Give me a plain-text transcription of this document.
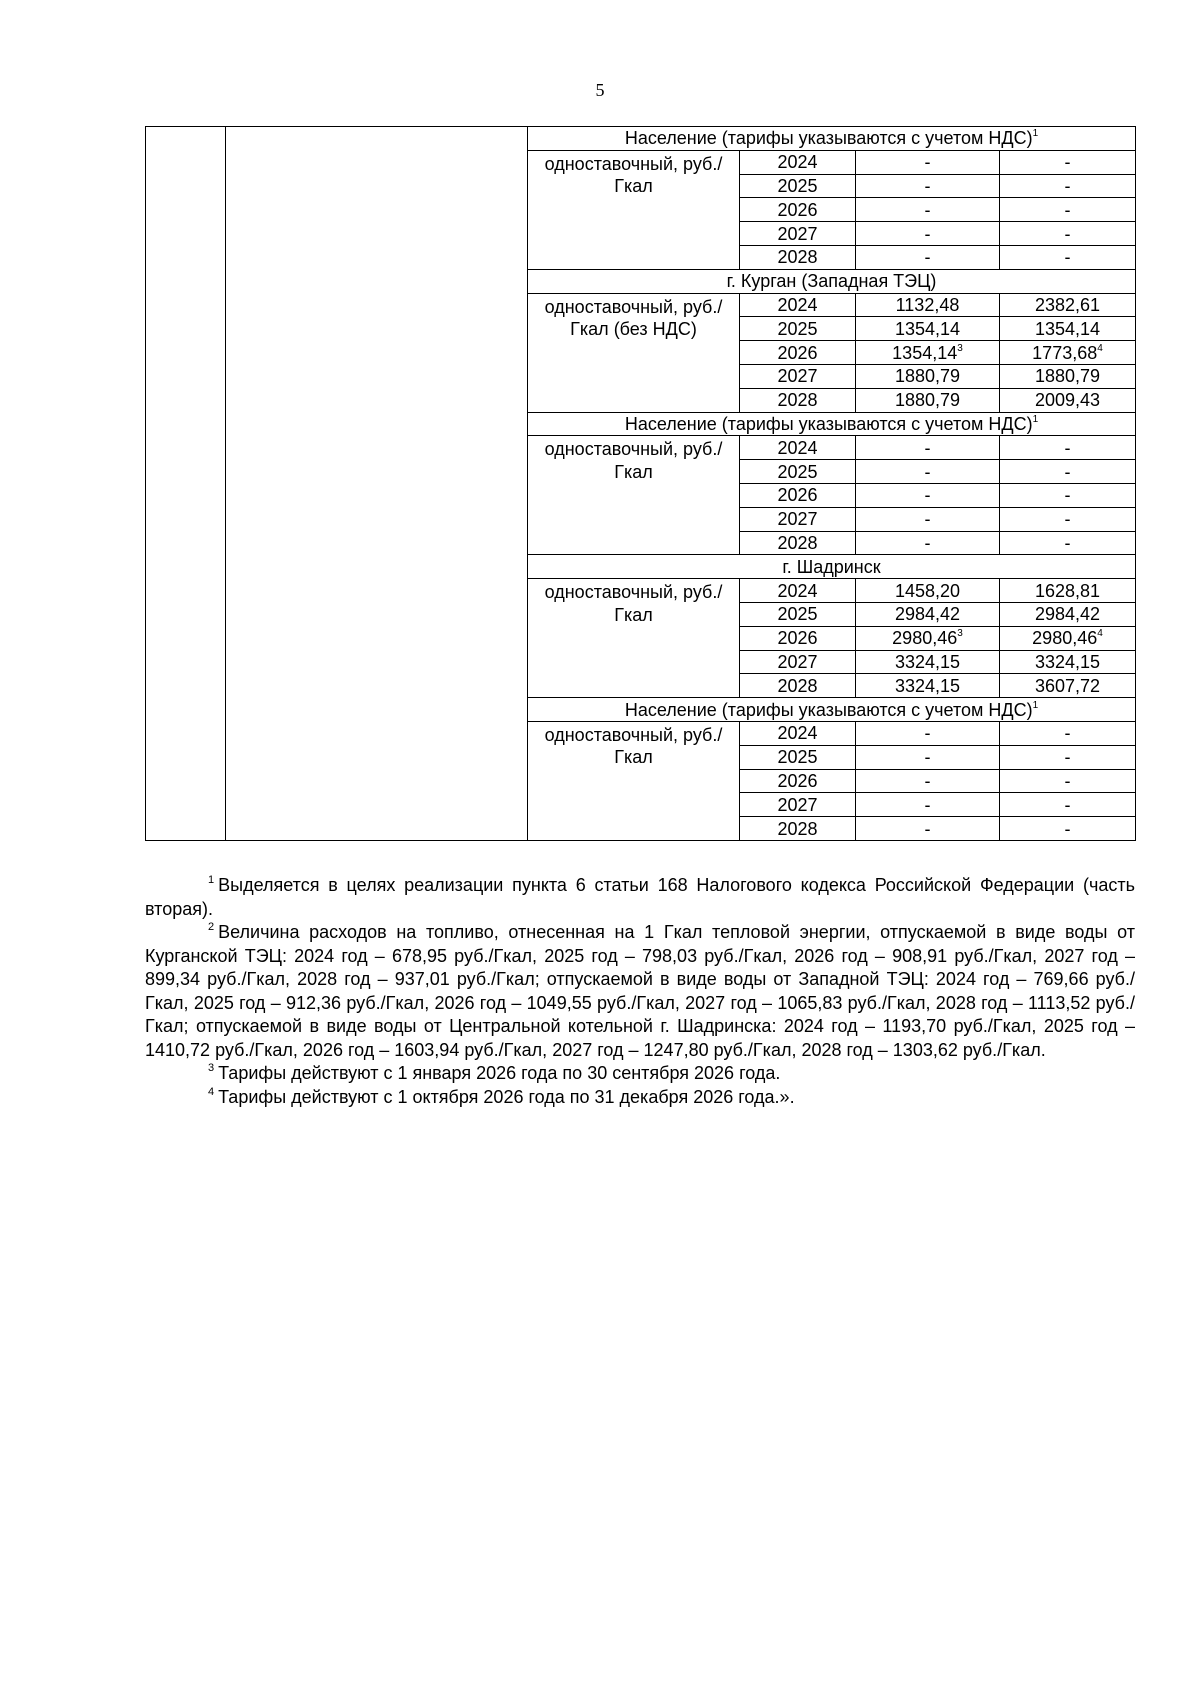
5
		Население (тарифы указываются с учетом НДС)$^1$
		одноставочный, руб./Гкал	2024	-	-
			2025	-	-
			2026	-	-
			2027	-	-
			2028	-	-
		г. Курган (Западная ТЭЦ)			
		одноставочный, руб./Гкал (без НДС)	2024	1132,48	2382,61
			2025	1354,14	1354,14
			2026	1354,14$^3$	1773,68$^4$
			2027	1880,79	1880,79
			2028	1880,79	2009,43
		Население (тарифы указываются с учетом НДС)$^1$
		одноставочный, руб./Гкал	2024	-	-
			2025	-	-
			2026	-	-
			2027	-	-
			2028	-	-
		г. Шадринск			
		одноставочный, руб./Гкал	2024	1458,20	1628,81
			2025	2984,42	2984,42
			2026	2980,46$^3$	2980,46$^4$
			2027	3324,15	3324,15
			2028	3324,15	3607,72
		Население (тарифы указываются с учетом НДС)$^1$
		одноставочный, руб./Гкал	2024	-	-
			2025	-	-
			2026	-	-
			2027	-	-
			2028	-	-

$^1$ Выделяется в целях реализации пункта 6 статьи 168 Налогового кодекса Российской Федерации (часть вторая).

$^2$ Величина расходов на топливо, отнесенная на 1 Гкал тепловой энергии, отпускаемой в виде воды от Курганской ТЭЦ: 2024 год – 678,95 руб./Гкал, 2025 год – 798,03 руб./Гкал, 2026 год – 908,91 руб./Гкал, 2027 год – 899,34 руб./Гкал, 2028 год – 937,01 руб./Гкал; отпускаемой в виде воды от Западной ТЭЦ: 2024 год – 769,66 руб./Гкал, 2025 год – 912,36 руб./Гкал, 2026 год – 1049,55 руб./Гкал, 2027 год – 1065,83 руб./Гкал, 2028 год – 1113,52 руб./Гкал; отпускаемой в виде воды от Центральной котельной г. Шадринска: 2024 год – 1193,70 руб./Гкал, 2025 год – 1410,72 руб./Гкал, 2026 год – 1603,94 руб./Гкал, 2027 год – 1247,80 руб./Гкал, 2028 год – 1303,62 руб./Гкал.

$^3$ Тарифы действуют с 1 января 2026 года по 30 сентября 2026 года.

$^4$ Тарифы действуют с 1 октября 2026 года по 31 декабря 2026 года.».
